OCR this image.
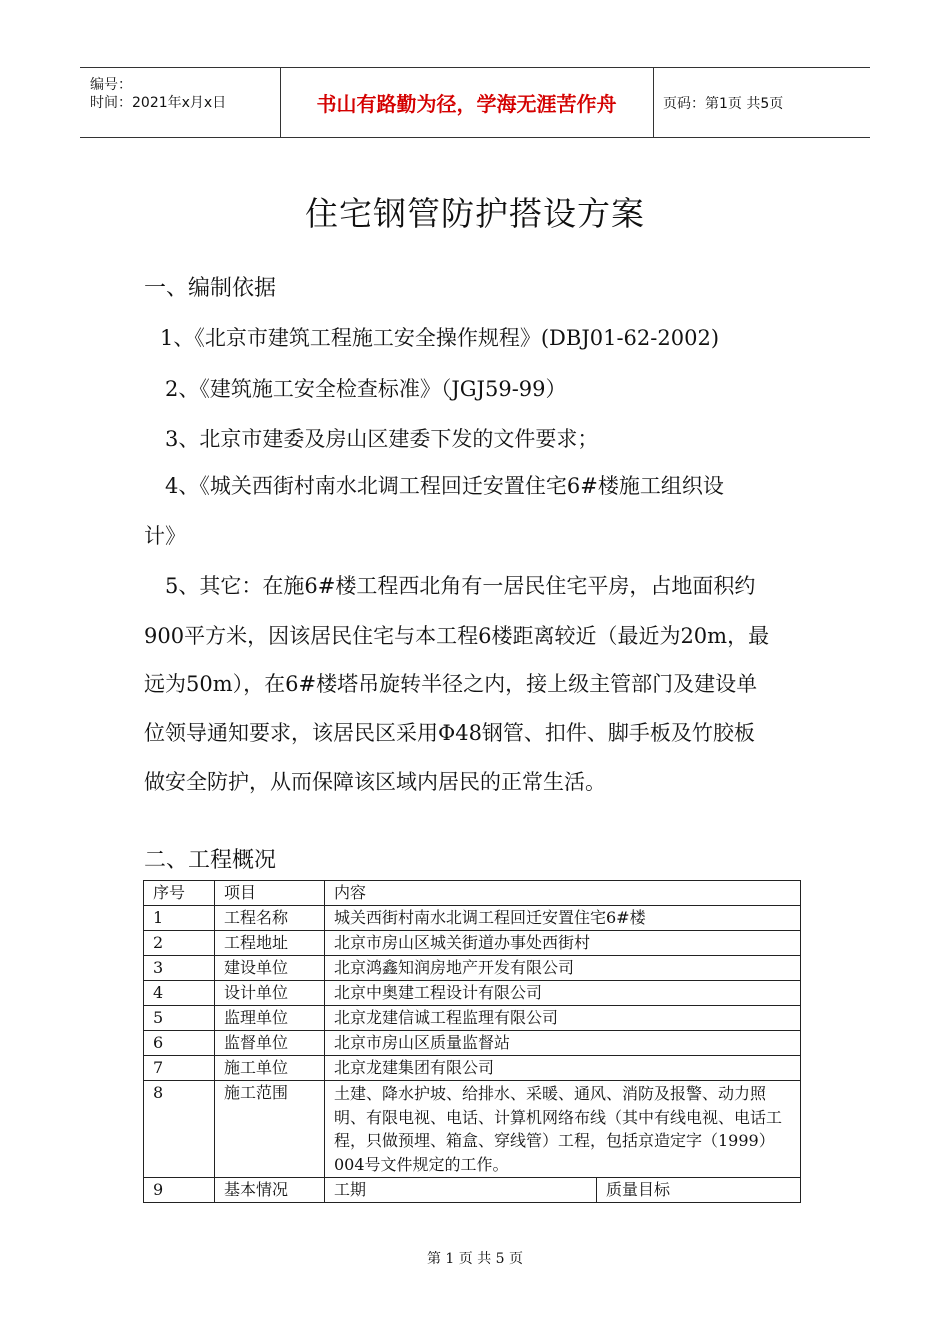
编号：
时间：2021年x月x日	书山有路勤为径，学海无涯苦作舟	页码：第1页 共5页
住宅钢管防护搭设方案
一、编制依据
1、《北京市建筑工程施工安全操作规程》(DBJ01-62-2002)
2、《建筑施工安全检查标准》（JGJ59-99）
3、北京市建委及房山区建委下发的文件要求；
4、《城关西街村南水北调工程回迁安置住宅6#楼施工组织设
计》
5、其它：在施6#楼工程西北角有一居民住宅平房，占地面积约
900平方米，因该居民住宅与本工程6楼距离较近（最近为20m，最
远为50m），在6#楼塔吊旋转半径之内，接上级主管部门及建设单
位领导通知要求，该居民区采用Φ48钢管、扣件、脚手板及竹胶板
做安全防护，从而保障该区域内居民的正常生活。
二、工程概况
序号	项目	内容	
1	工程名称	城关西街村南水北调工程回迁安置住宅6#楼	
2	工程地址	北京市房山区城关街道办事处西街村	
3	建设单位	北京鸿鑫知润房地产开发有限公司	
4	设计单位	北京中奥建工程设计有限公司	
5	监理单位	北京龙建信诚工程监理有限公司	
6	监督单位	北京市房山区质量监督站	
7	施工单位	北京龙建集团有限公司	
8	施工范围	土建、降水护坡、给排水、采暖、通风、消防及报警、动力照明、有限电视、电话、计算机网络布线（其中有线电视、电话工程，只做预埋、箱盒、穿线管）工程，包括京造定字（1999）004号文件规定的工作。	
9	基本情况	工期	质量目标
第 1 页 共 5 页
